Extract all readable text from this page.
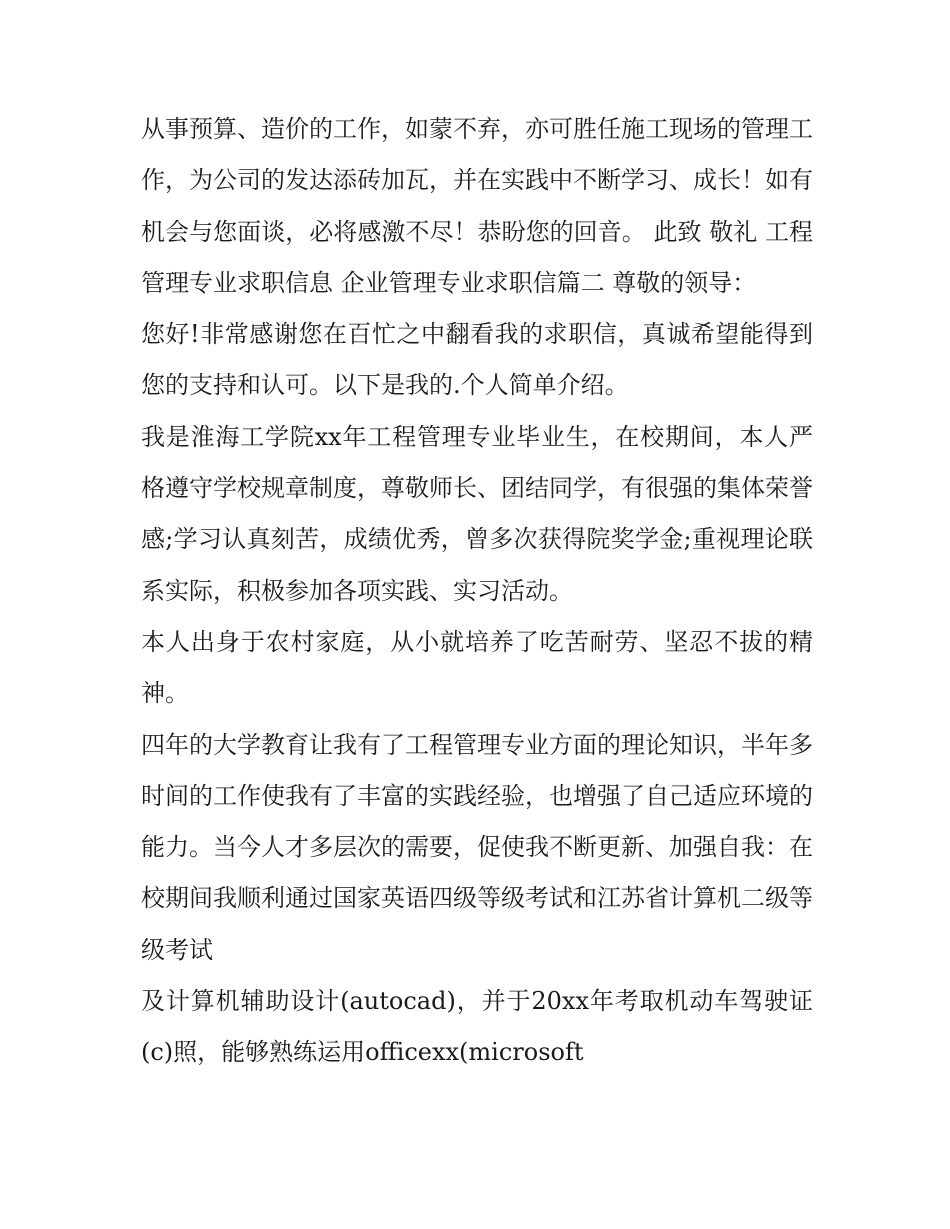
从事预算、造价的工作，如蒙不弃，亦可胜任施工现场的管理工作，为公司的发达添砖加瓦，并在实践中不断学习、成长！如有机会与您面谈，必将感激不尽！恭盼您的回音。 此致 敬礼 工程管理专业求职信息 企业管理专业求职信篇二 尊敬的领导：

您好!非常感谢您在百忙之中翻看我的求职信，真诚希望能得到您的支持和认可。以下是我的.个人简单介绍。

我是淮海工学院xx年工程管理专业毕业生，在校期间，本人严格遵守学校规章制度，尊敬师长、团结同学，有很强的集体荣誉感;学习认真刻苦，成绩优秀，曾多次获得院奖学金;重视理论联系实际，积极参加各项实践、实习活动。

本人出身于农村家庭，从小就培养了吃苦耐劳、坚忍不拔的精神。

四年的大学教育让我有了工程管理专业方面的理论知识，半年多时间的工作使我有了丰富的实践经验，也增强了自己适应环境的能力。当今人才多层次的需要，促使我不断更新、加强自我：在校期间我顺利通过国家英语四级等级考试和江苏省计算机二级等级考试

及计算机辅助设计(autocad)，并于20xx年考取机动车驾驶证(c)照，能够熟练运用officexx(microsoft
